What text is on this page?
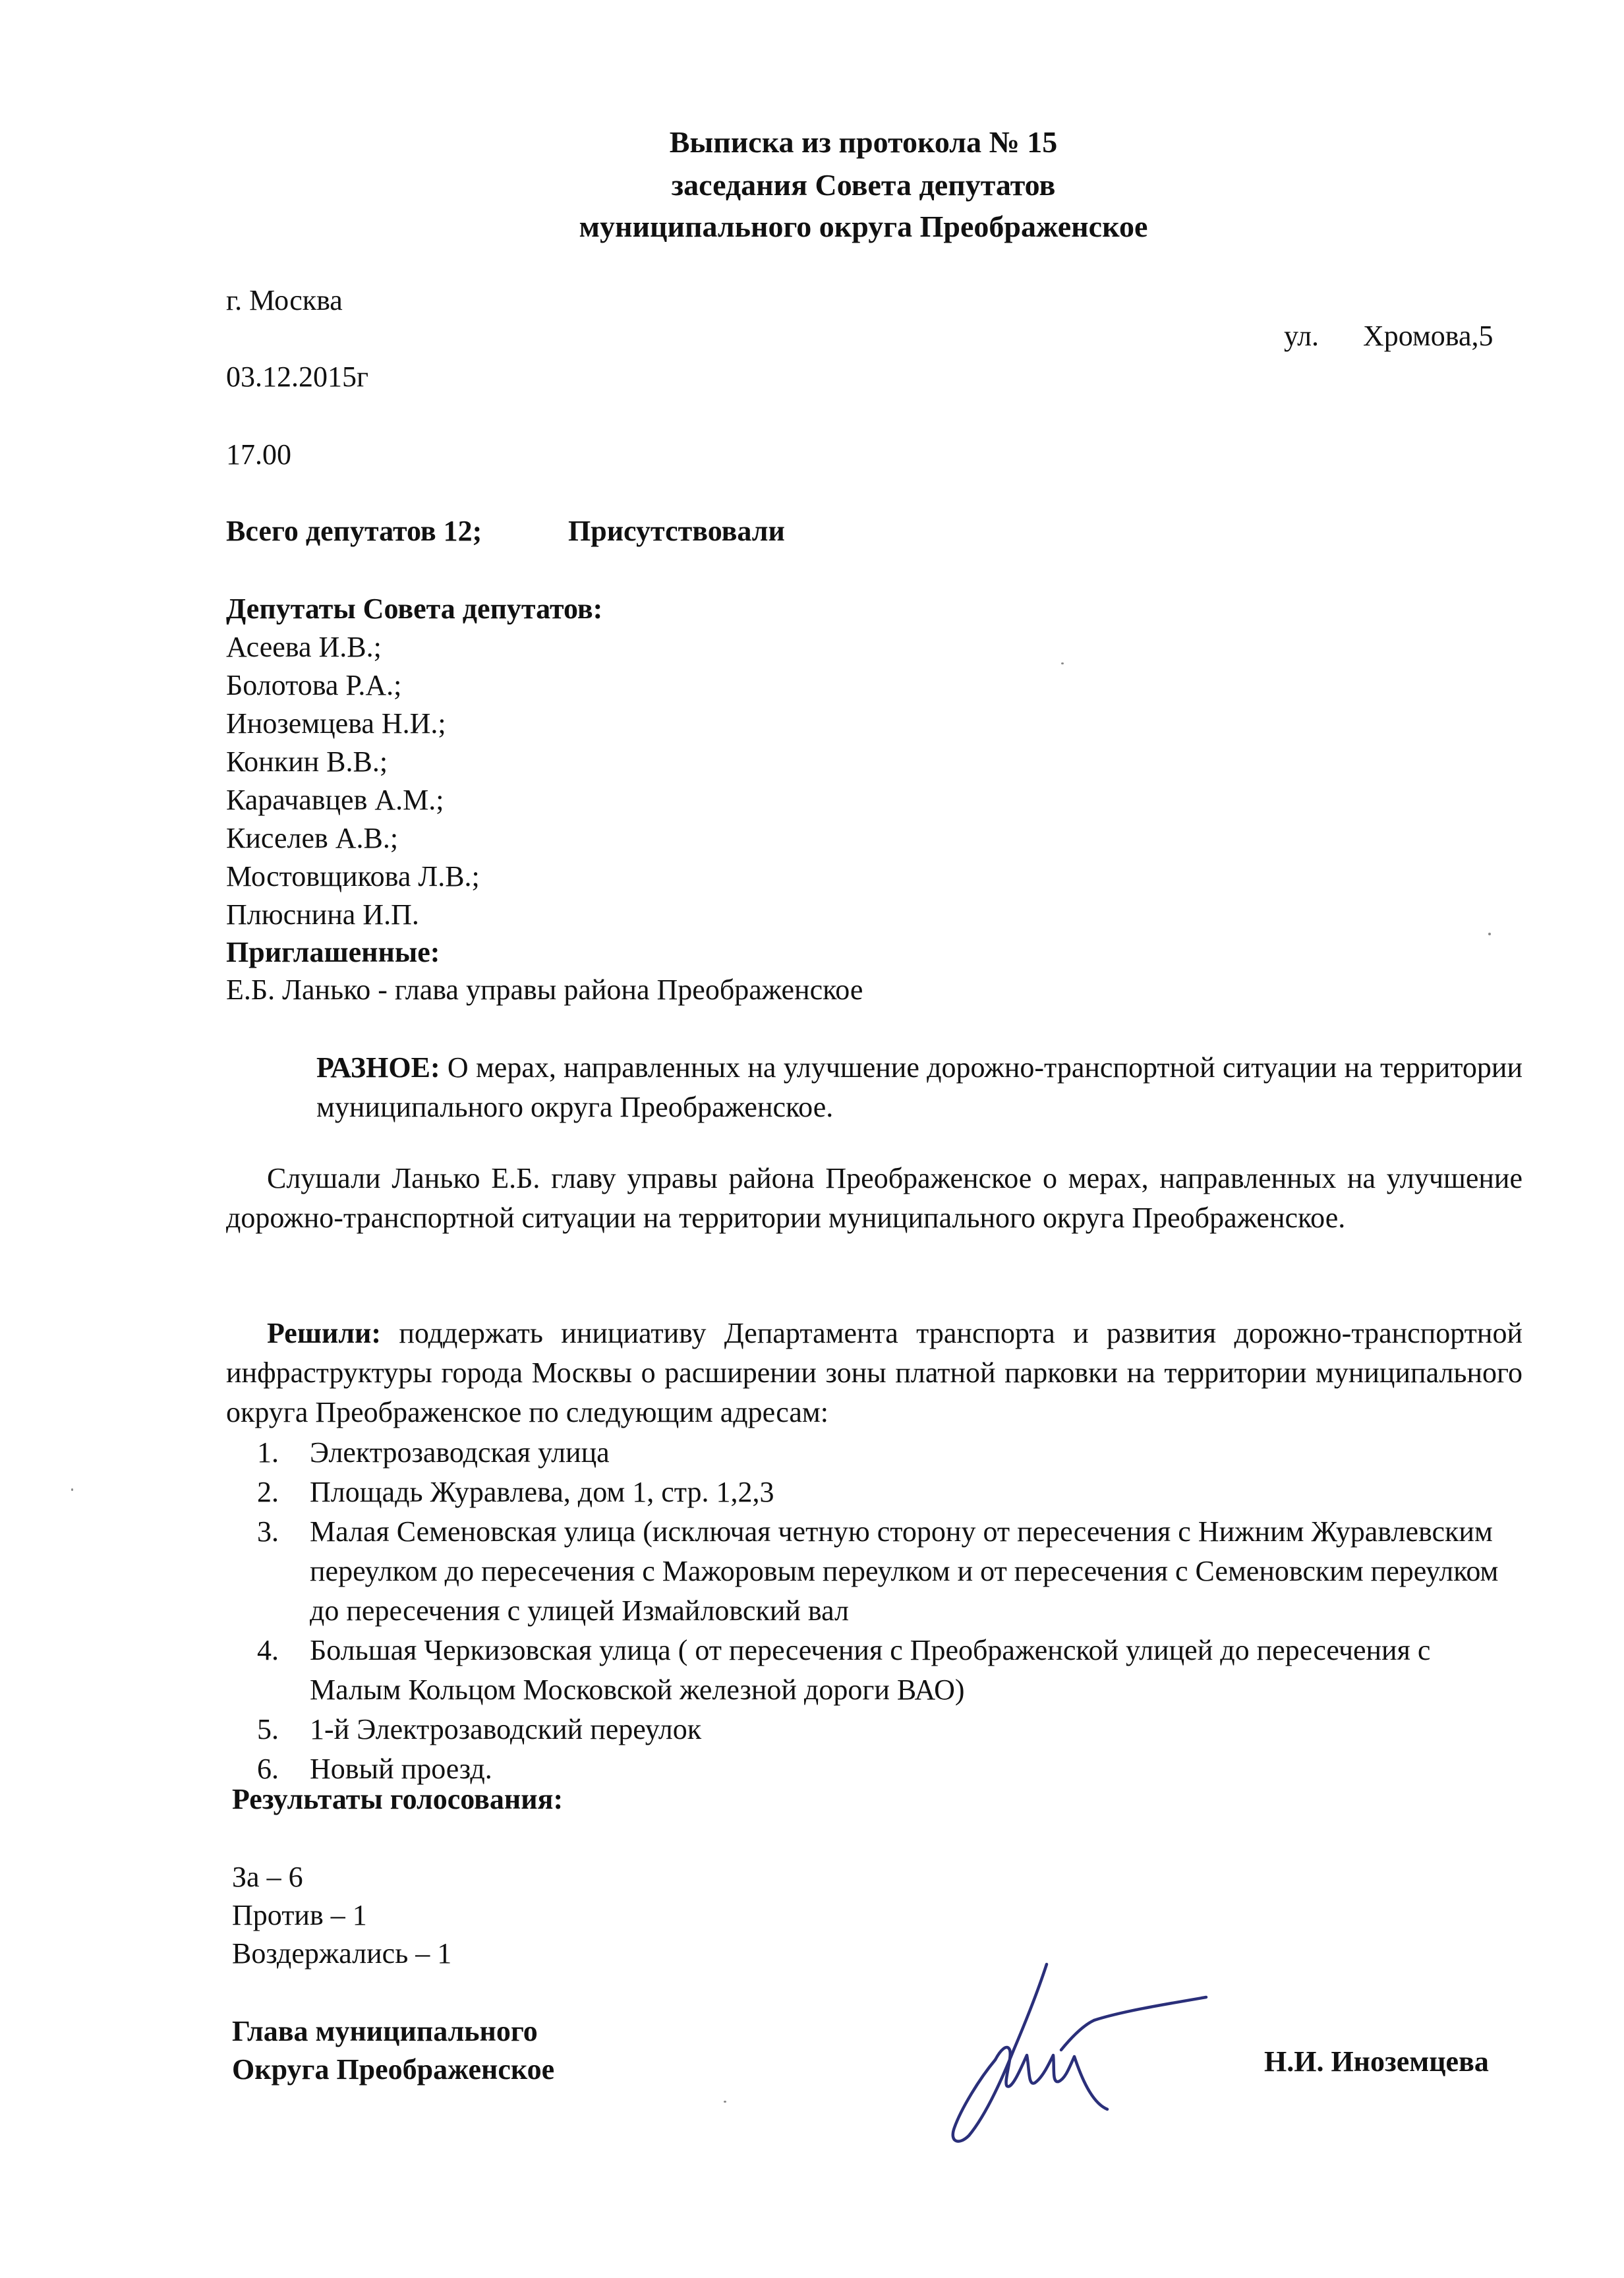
Выписка из протокола № 15
заседания Совета депутатов
муниципального округа Преображенское
г. Москва
ул. Хромова,5
03.12.2015г
17.00
Всего депутатов 12;	Присутствовали
Депутаты Совета депутатов:
Асеева И.В.;
Болотова Р.А.;
Иноземцева Н.И.;
Конкин В.В.;
Карачавцев А.М.;
Киселев А.В.;
Мостовщикова Л.В.;
Плюснина И.П.
Приглашенные:
Е.Б. Ланько - глава управы района Преображенское
РАЗНОЕ: О мерах, направленных на улучшение дорожно-транспортной ситуации на территории муниципального округа Преображенское.
Слушали Ланько Е.Б. главу управы района Преображенское о мерах, направленных на улучшение дорожно-транспортной ситуации на территории муниципального округа Преображенское.
Решили: поддержать инициативу Департамента транспорта и развития дорожно-транспортной инфраструктуры города Москвы о расширении зоны платной парковки на территории муниципального округа Преображенское по следующим адресам:
1. Электрозаводская улица
2. Площадь Журавлева, дом 1, стр. 1,2,3
3. Малая Семеновская улица (исключая четную сторону от пересечения с Нижним Журавлевским переулком до пересечения с Мажоровым переулком и от пересечения с Семеновским переулком до пересечения с улицей Измайловский вал
4. Большая Черкизовская улица ( от пересечения с Преображенской улицей до пересечения с Малым Кольцом Московской железной дороги ВАО)
5. 1-й Электрозаводский переулок
6. Новый проезд.
Результаты голосования:
За – 6
Против – 1
Воздержались – 1
Глава муниципального
Округа Преображенское	Н.И. Иноземцева
